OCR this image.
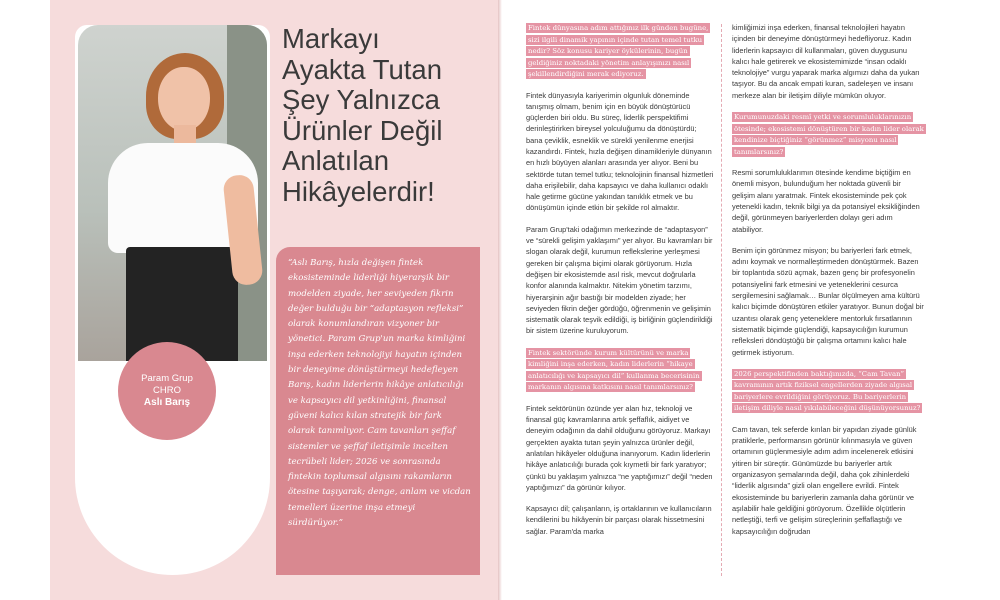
Param Grup
CHRO
Aslı Barış
Markayı
Ayakta Tutan
Şey Yalnızca
Ürünler Değil
Anlatılan
Hikâyelerdir!

“Aslı Barış, hızla değişen fintek ekosisteminde liderliği hiyerarşik bir modelden ziyade, her seviyeden fikrin değer bulduğu bir “adaptasyon refleksi” olarak konumlandıran vizyoner bir yönetici. Param Grup'un marka kimliğini inşa ederken teknolojiyi hayatın içinden bir deneyime dönüştürmeyi hedefleyen Barış, kadın liderlerin hikâye anlatıcılığı ve kapsayıcı dil yetkinliğini, finansal güveni kalıcı kılan stratejik bir fark olarak tanımlıyor. Cam tavanları şeffaf sistemler ve şeffaf iletişimle incelten tecrübeli lider; 2026 ve sonrasında fintekin toplumsal algısını rakamların ötesine taşıyarak; denge, anlam ve vicdan temelleri üzerine inşa etmeyi sürdürüyor.”

Fintek dünyasına adım attığınız ilk günden bugüne, sizi ilgili dinamik yapının içinde tutan temel tutku nedir? Söz konusu kariyer öykülerinin, bugün geldiğiniz noktadaki yönetim anlayışınızı nasıl şekillendirdiğini merak ediyoruz.

Fintek dünyasıyla kariyerimin olgunluk döneminde tanışmış olmam, benim için en büyük dönüştürücü güçlerden biri oldu. Bu süreç, liderlik perspektifimi derinleştirirken bireysel yolculuğumu da dönüştürdü; bana çeviklik, esneklik ve sürekli yenilenme enerjisi kazandırdı. Fintek, hızla değişen dinamikleriyle dünyanın en hızlı büyüyen alanları arasında yer alıyor. Beni bu sektörde tutan temel tutku; teknolojinin finansal hizmetleri daha erişilebilir, daha kapsayıcı ve daha kullanıcı odaklı hale getirme gücüne yakından tanıklık etmek ve bu dönüşümün içinde etkin bir şekilde rol almaktır.

Param Grup'taki odağımın merkezinde de “adaptasyon” ve “sürekli gelişim yaklaşımı” yer alıyor. Bu kavramları bir slogan olarak değil, kurumun reflekslerine yerleşmesi gereken bir çalışma biçimi olarak görüyorum. Hızla değişen bir ekosistemde asıl risk, mevcut doğrularla konfor alanında kalmaktır. Nitekim yönetim tarzımı, hiyerarşinin ağır bastığı bir modelden ziyade; her seviyeden fikrin değer gördüğü, öğrenmenin ve gelişimin sistematik olarak teşvik edildiği, iş birliğinin güçlendirildiği bir sistem üzerine kuruluyorum.

Fintek sektöründe kurum kültürünü ve marka kimliğini inşa ederken, kadın liderlerin “hikaye anlatıcılığı ve kapsayıcı dil” kullanma becerisinin markanın algısına katkısını nasıl tanımlarsınız?

Fintek sektörünün özünde yer alan hız, teknoloji ve finansal güç kavramlarına artık şeffaflık, aidiyet ve deneyim odağının da dahil olduğunu görüyoruz. Markayı gerçekten ayakta tutan şeyin yalnızca ürünler değil, anlatılan hikâyeler olduğuna inanıyorum. Kadın liderlerin hikâye anlatıcılığı burada çok kıymetli bir fark yaratıyor; çünkü bu yaklaşım yalnızca “ne yaptığımızı” değil “neden yaptığımızı” da görünür kılıyor.

Kapsayıcı dil; çalışanların, iş ortaklarının ve kullanıcıların kendilerini bu hikâyenin bir parçası olarak hissetmesini sağlar. Param'da marka

kimliğimizi inşa ederken, finansal teknolojileri hayatın içinden bir deneyime dönüştürmeyi hedefliyoruz. Kadın liderlerin kapsayıcı dil kullanmaları, güven duygusunu kalıcı hale getirerek ve ekosistemimizde “insan odaklı teknolojiye” vurgu yaparak marka algımızı daha da yukarı taşıyor. Bu da ancak empati kuran, sadeleşen ve insanı merkeze alan bir iletişim diliyle mümkün oluyor.

Kurumunuzdaki resmî yetki ve sorumluluklarınızın ötesinde; ekosistemi dönüştüren bir kadın lider olarak kendinize biçtiğiniz “görünmez” misyonu nasıl tanımlarsınız?

Resmi sorumluluklarımın ötesinde kendime biçtiğim en önemli misyon, bulunduğum her noktada güvenli bir gelişim alanı yaratmak. Fintek ekosisteminde pek çok yetenekli kadın, teknik bilgi ya da potansiyel eksikliğinden değil, görünmeyen bariyerlerden dolayı geri adım atabiliyor.

Benim için görünmez misyon; bu bariyerleri fark etmek, adını koymak ve normalleştirmeden dönüştürmek. Bazen bir toplantıda sözü açmak, bazen genç bir profesyonelin potansiyelini fark etmesini ve yeteneklerini cesurca sergilemesini sağlamak… Bunlar ölçülmeyen ama kültürü kalıcı biçimde dönüştüren etkiler yaratıyor. Bunun doğal bir uzantısı olarak genç yeteneklere mentorluk fırsatlarının sistematik biçimde güçlendiği, kapsayıcılığın kurumun refleksleri döndüştüğü bir çalışma ortamını kalıcı hale getirmek istiyorum.

2026 perspektifinden baktığınızda, “Cam Tavan” kavramının artık fiziksel engellerden ziyade algısal bariyerlere evrildiğini görüyoruz. Bu bariyerlerin iletişim diliyle nasıl yıkılabileceğini düşünüyorsunuz?

Cam tavan, tek seferde kırılan bir yapıdan ziyade günlük pratiklerle, performansın görünür kılınmasıyla ve güven ortamının güçlenmesiyle adım adım incelenerek etkisini yitiren bir süreçtir. Günümüzde bu bariyerler artık organizasyon şemalarında değil, daha çok zihinlerdeki “liderlik algısında” gizli olan engellere evrildi. Fintek ekosisteminde bu bariyerlerin zamanla daha görünür ve aşılabilir hale geldiğini görüyorum. Özellikle ölçütlerin netleştiği, terfi ve gelişim süreçlerinin şeffaflaştığı ve kapsayıcılığın doğrudan
